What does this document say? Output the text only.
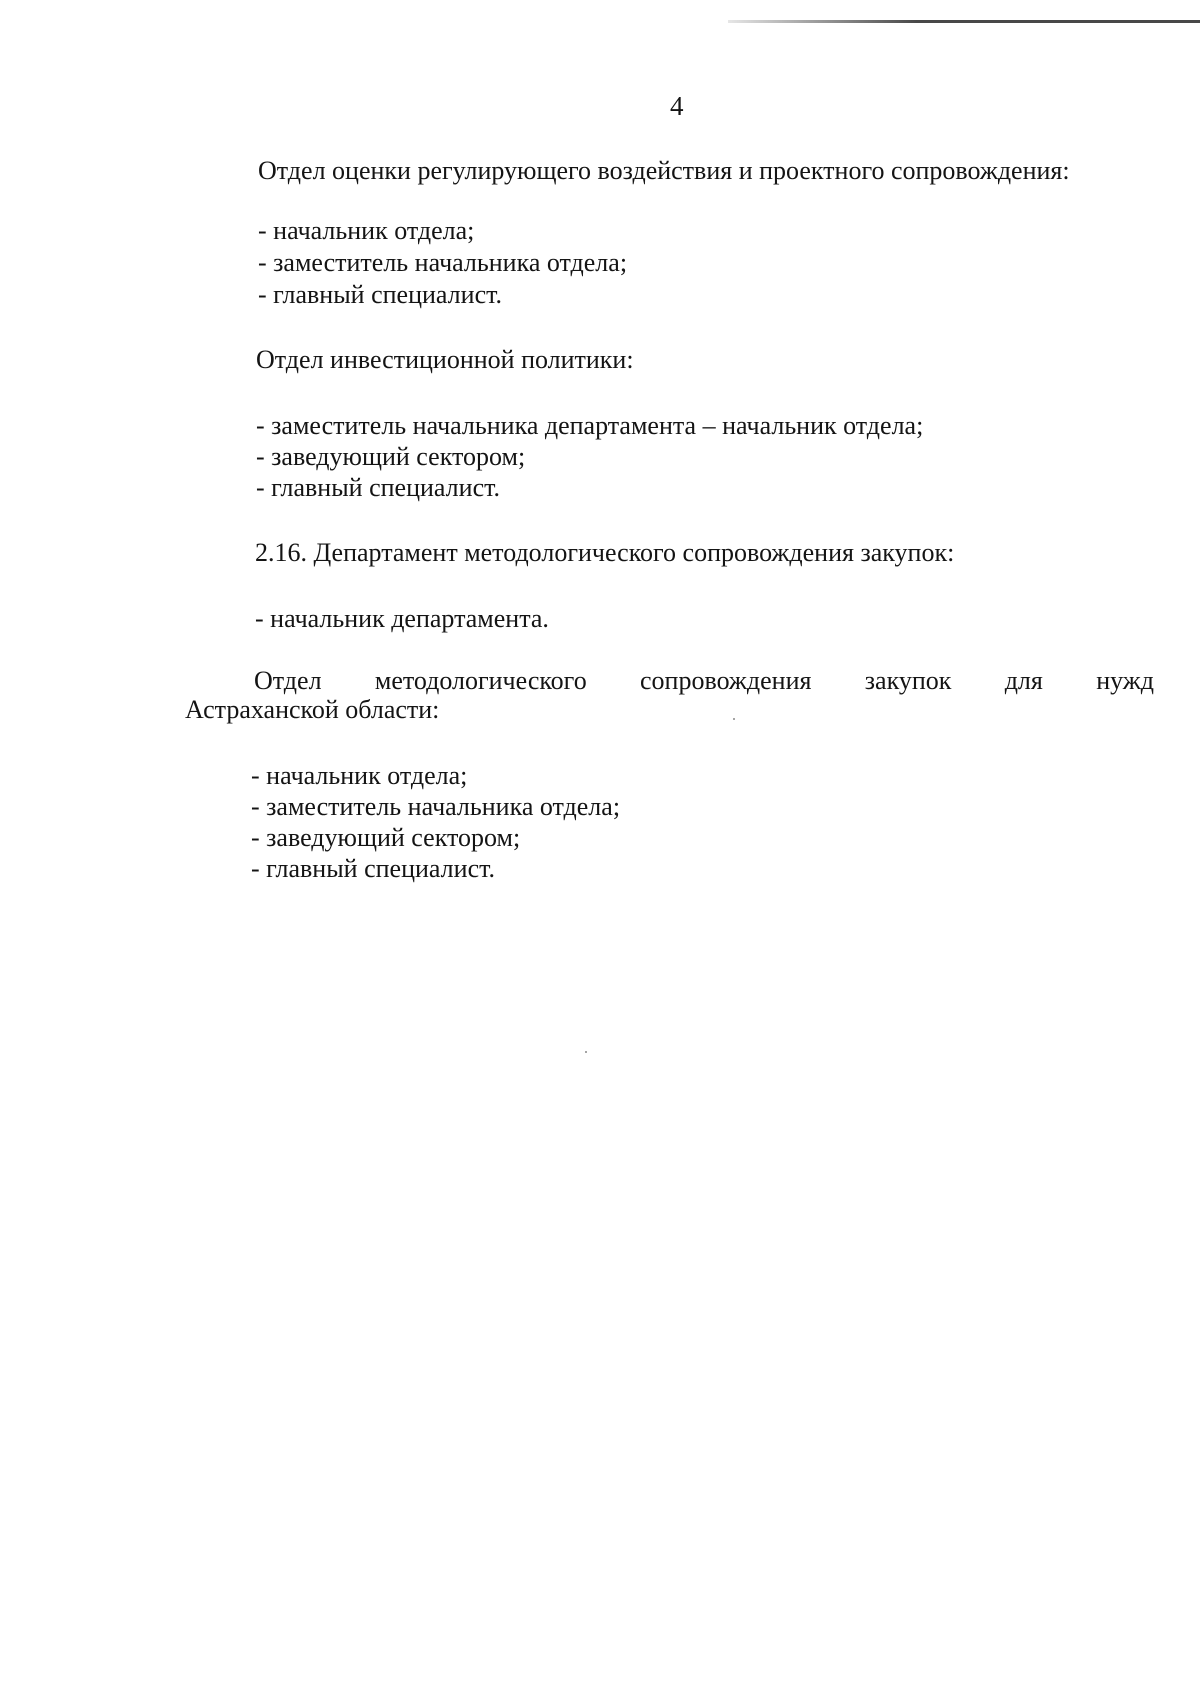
4

Отдел оценки регулирующего воздействия и проектного сопровождения:

- начальник отдела;

- заместитель начальника отдела;

- главный специалист.

Отдел инвестиционной политики:

- заместитель начальника департамента – начальник отдела;

- заведующий сектором;

- главный специалист.

2.16. Департамент методологического сопровождения закупок:

- начальник департамента.

Отдел методологического сопровождения закупок для нужд

Астраханской области:

- начальник отдела;

- заместитель начальника отдела;

- заведующий сектором;

- главный специалист.
